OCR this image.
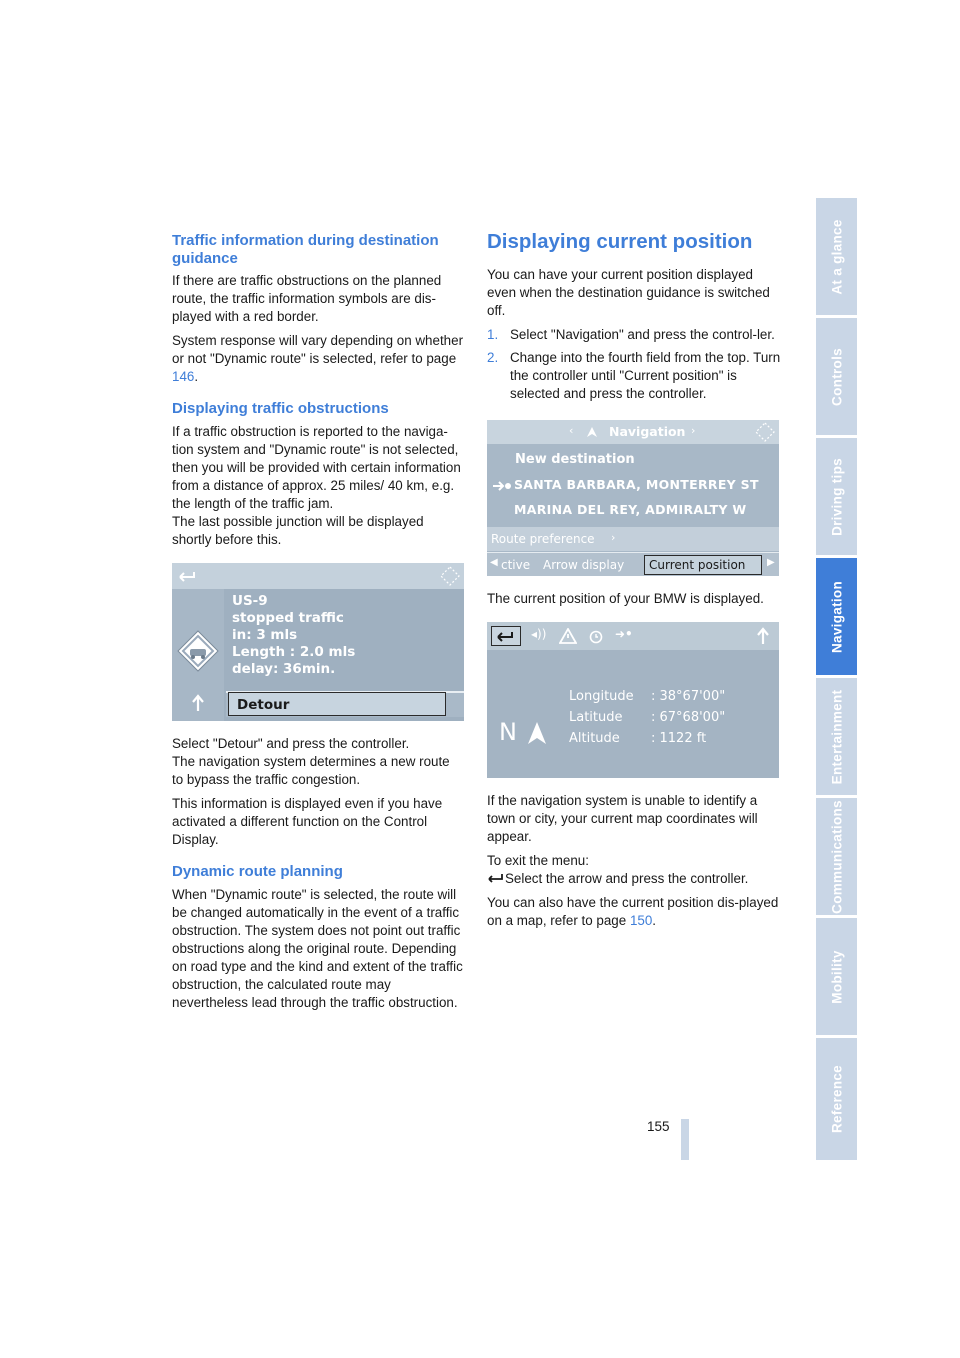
Traffic information during destination guidance

If there are traffic obstructions on the planned route, the traffic information symbols are dis-played with a red border.

System response will vary depending on whether or not "Dynamic route" is selected, refer to page 146.

Displaying traffic obstructions

If a traffic obstruction is reported to the naviga-tion system and "Dynamic route" is not selected, then you will be provided with certain information from a distance of approx. 25 miles/ 40 km, e.g. the length of the traffic jam.

The last possible junction will be displayed shortly before this.

US-9
stopped traffic
in: 3 mls
Length : 2.0 mls
delay: 36min.
Detour

Select "Detour" and press the controller.

The navigation system determines a new route to bypass the traffic congestion.

This information is displayed even if you have activated a different function on the Control Display.

Dynamic route planning

When "Dynamic route" is selected, the route will be changed automatically in the event of a traffic obstruction. The system does not point out traffic obstructions along the original route. Depending on road type and the kind and extent of the traffic obstruction, the calculated route may nevertheless lead through the traffic obstruction.

Displaying current position

You can have your current position displayed even when the destination guidance is switched off.

1. Select "Navigation" and press the control-ler.
2. Change into the fourth field from the top. Turn the controller until "Current position" is selected and press the controller.
‹	Navigation ›
New destination
SANTA BARBARA, MONTERREY ST
MARINA DEL REY, ADMIRALTY W
Route preference ›
◀ ctive Arrow display	Current position	▶

The current position of your BMW is displayed.

◂))	➜•
Longitude : 38°67'00"
Latitude : 67°68'00"
Altitude : 1122 ft
N

If the navigation system is unable to identify a town or city, your current map coordinates will appear.

To exit the menu:

Select the arrow and press the controller.

You can also have the current position dis-played on a map, refer to page 150.

At a glance
Controls
Driving tips
Navigation
Entertainment
Communications
Mobility
Reference
155
